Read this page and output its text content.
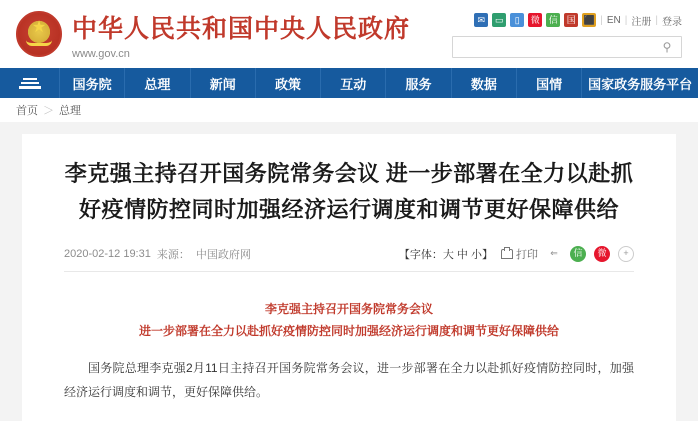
★
中华人民共和国中央人民政府
www.gov.cn
✉	▭	▯	微 信 国 ⬛ | EN | 注册 | 登录
⚲
国务院	总理	新闻	政策	互动	服务	数据	国情	国家政务服务平台
首页 ＞ 总理
李克强主持召开国务院常务会议 进一步部署在全力以赴抓好疫情防控同时加强经济运行调度和调节更好保障供给
2020-02-12 19:31 来源： 中国政府网	【字体：大 中 小】 打印	⇐	信	微	+
李克强主持召开国务院常务会议
进一步部署在全力以赴抓好疫情防控同时加强经济运行调度和调节更好保障供给
国务院总理李克强2月11日主持召开国务院常务会议，进一步部署在全力以赴抓好疫情防控同时，加强经济运行调度和调节，更好保障供给。
